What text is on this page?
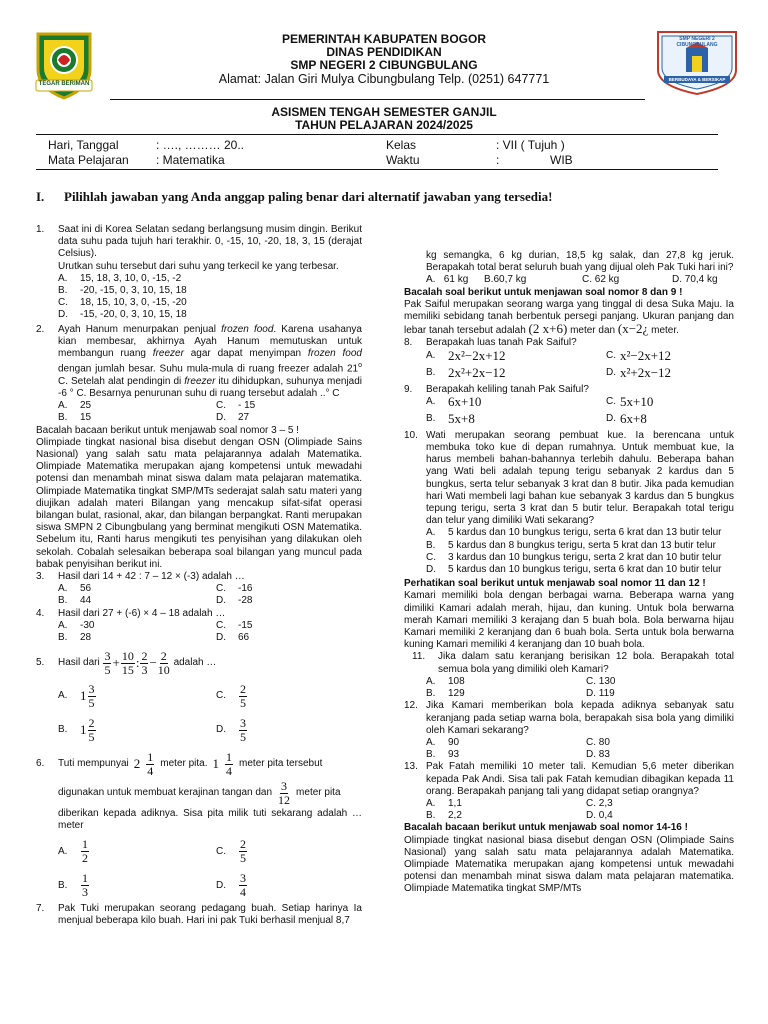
TEGAR BERIMAN
PEMERINTAH KABUPATEN BOGOR
DINAS PENDIDIKAN
SMP NEGERI 2 CIBUNGBULANG
Alamat: Jalan Giri Mulya Cibungbulang Telp. (0251) 647771
SMP NEGERI 2 CIBUNGBULANG
BERBUDAYA & BERSIKAP
ASISMEN TENGAH SEMESTER GANJIL
TAHUN PELAJARAN 2024/2025
Hari, Tanggal	: …., ……… 20..	Kelas	: VII ( Tujuh )
Mata Pelajaran : Matematika	Waktu	:	WIB
I. Pilihlah jawaban yang Anda anggap paling benar dari alternatif jawaban yang tersedia!
1. Saat ini di Korea Selatan sedang berlangsung musim dingin. Berikut data suhu pada tujuh hari terakhir. 0, -15, 10, -20, 18, 3, 15 (derajat Celsius).
Urutkan suhu tersebut dari suhu yang terkecil ke yang terbesar.
A. 15, 18, 3, 10, 0, -15, -2
B. -20, -15, 0, 3, 10, 15, 18
C. 18, 15, 10, 3, 0, -15, -20
D. -15, -20, 0, 3, 10, 15, 18
2. Ayah Hanum menurpakan penjual frozen food. Karena usahanya kian membesar, akhirnya Ayah Hanum memutuskan untuk membangun ruang freezer agar dapat menyimpan frozen food dengan jumlah besar. Suhu mula-mula di ruang freezer adalah 21$^o$ C. Setelah alat pendingin di freezer itu dihidupkan, suhunya menjadi -6 ° C. Besarnya penurunan suhu di ruang tersebut adalah ..° C
A. 25	C. - 15
B. 15	D. 27
Bacalah bacaan berikut untuk menjawab soal nomor 3 – 5 !
Olimpiade tingkat nasional bisa disebut dengan OSN (Olimpiade Sains Nasional) yang salah satu mata pelajarannya adalah Matematika. Olimpiade Matematika merupakan ajang kompetensi untuk mewadahi potensi dan menambah minat siswa dalam mata pelajaran matematika. Olimpiade Matematika tingkat SMP/MTs sederajat salah satu materi yang diujikan adalah materi Bilangan yang mencakup sifat-sifat operasi bilangan bulat, rasional, akar, dan bilangan berpangkat. Ranti merupakan siswa SMPN 2 Cibungbulang yang berminat mengikuti OSN Matematika. Sebelum itu, Ranti harus mengikuti tes penyisihan yang dilakukan oleh sekolah. Cobalah selesaikan beberapa soal bilangan yang muncul pada babak penyisihan berikut ini.
3. Hasil dari 14 + 42 : 7 – 12 × (-3) adalah …
A. 56	C. -16
B. 44	D. -28
4. Hasil dari 27 + (-6) × 4 – 18 adalah …
A. -30	C. -15
B. 28	D. 66
5. Hasil dari
$\frac{3}{5} + \frac{10}{15}$ : $\frac{2}{3} - \frac{2}{10}$
adalah …
A. $1 \frac{3}{5}$	C. $\frac{2}{5}$
B. $1 \frac{2}{5}$	D. $\frac{3}{5}$
6. Tuti mempunyai $2 \frac{1}{4}$ meter pita. $1 \frac{1}{4}$ meter pita tersebut
digunakan untuk membuat kerajinan tangan dan $\frac{3}{12}$ meter pita
diberikan kepada adiknya. Sisa pita milik tuti sekarang adalah … meter
A. $\frac{1}{2}$	C. $\frac{2}{5}$
B. $\frac{1}{3}$	D. $\frac{3}{4}$
7. Pak Tuki merupakan seorang pedagang buah. Setiap harinya Ia menjual beberapa kilo buah. Hari ini pak Tuki berhasil menjual 8,7
kg semangka, 6 kg durian, 18,5 kg salak, dan 27,8 kg jeruk. Berapakah total berat seluruh buah yang dijual oleh Pak Tuki hari ini?
A. 61 kg	B.60,7 kg	C. 62 kg	D. 70,4 kg
Bacalah soal berikut untuk menjawan soal nomor 8 dan 9 !
Pak Saiful merupakan seorang warga yang tinggal di desa Suka Maju. Ia memiliki sebidang tanah berbentuk persegi panjang. Ukuran panjang dan lebar tanah tersebut adalah (2 x+6) meter dan (x−2¿ meter.
8. Berapakah luas tanah Pak Saiful?
A. 2x²−2x+12	C. x²−2x+12
B. 2x²+2x−12	D. x²+2x−12
9. Berapakah keliling tanah Pak Saiful?
A. 6x+10	C. 5x+10
B. 5x+8	D. 6x+8
10. Wati merupakan seorang pembuat kue. Ia berencana untuk membuka toko kue di depan rumahnya. Untuk membuat kue, Ia harus membeli bahan-bahannya terlebih dahulu. Beberapa bahan yang Wati beli adalah tepung terigu sebanyak 2 kardus dan 5 bungkus, serta telur sebanyak 3 krat dan 8 butir. Jika pada kemudian hari Wati membeli lagi bahan kue sebanyak 3 kardus dan 5 bungkus tepung terigu, serta 3 krat dan 5 butir telur. Berapakah total terigu dan telur yang dimiliki Wati sekarang?
A. 5 kardus dan 10 bungkus terigu, serta 6 krat dan 13 butir telur
B. 5 kardus dan 8 bungkus terigu, serta 5 krat dan 13 butir telur
C. 3 kardus dan 10 bungkus terigu, serta 2 krat dan 10 butir telur
D. 5 kardus dan 10 bungkus terigu, serta 6 krat dan 10 butir telur
Perhatikan soal berikut untuk menjawab soal nomor 11 dan 12 !
Kamari memiliki bola dengan berbagai warna. Beberapa warna yang dimiliki Kamari adalah merah, hijau, dan kuning. Untuk bola berwarna merah Kamari memiliki 3 kerajang dan 5 buah bola. Bola berwarna hijau Kamari memiliki 2 keranjang dan 6 buah bola. Serta untuk bola berwarna kuning Kamari memiliki 4 keranjang dan 10 buah bola.
11. Jika dalam satu keranjang berisikan 12 bola. Berapakah total semua bola yang dimiliki oleh Kamari?
A. 108	C. 130
B. 129	D. 119
12. Jika Kamari memberikan bola kepada adiknya sebanyak satu keranjang pada setiap warna bola, berapakah sisa bola yang dimiliki oleh Kamari sekarang?
A. 90	C. 80
B. 93	D. 83
13. Pak Fatah memiliki 10 meter tali. Kemudian 5,6 meter diberikan kepada Pak Andi. Sisa tali pak Fatah kemudian dibagikan kepada 11 orang. Berapakah panjang tali yang didapat setiap orangnya?
A. 1,1	C. 2,3
B. 2,2	D. 0,4
Bacalah bacaan berikut untuk menjawab soal nomor 14-16 !
Olimpiade tingkat nasional biasa disebut dengan OSN (Olimpiade Sains Nasional) yang salah satu mata pelajarannya adalah Matematika. Olimpiade Matematika merupakan ajang kompetensi untuk mewadahi potensi dan menambah minat siswa dalam mata pelajaran matematika. Olimpiade Matematika tingkat SMP/MTs
